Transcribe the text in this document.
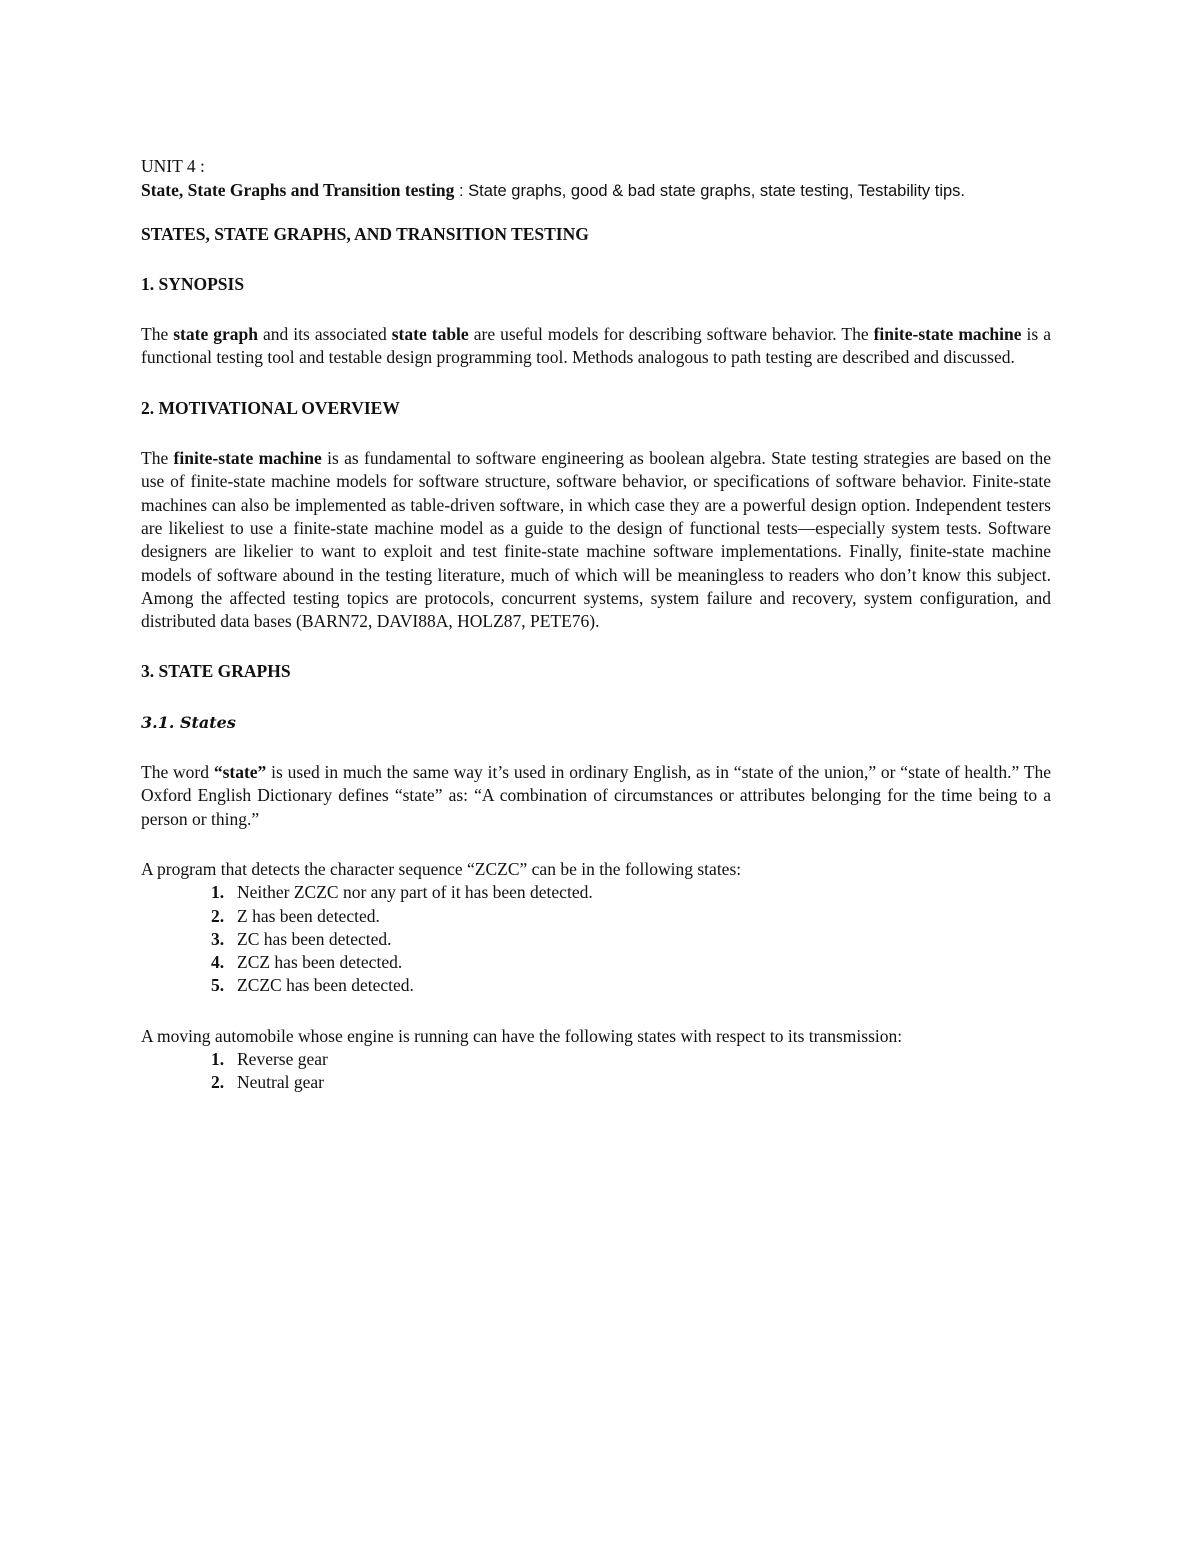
UNIT 4 :

State, State Graphs and Transition testing : State graphs, good & bad state graphs, state testing, Testability tips.

STATES, STATE GRAPHS, AND TRANSITION TESTING

1. SYNOPSIS

The state graph and its associated state table are useful models for describing software behavior. The finite-state machine is a functional testing tool and testable design programming tool. Methods analogous to path testing are described and discussed.

2. MOTIVATIONAL OVERVIEW

The finite-state machine is as fundamental to software engineering as boolean algebra. State testing strategies are based on the use of finite-state machine models for software structure, software behavior, or specifications of software behavior. Finite-state machines can also be implemented as table-driven software, in which case they are a powerful design option. Independent testers are likeliest to use a finite-state machine model as a guide to the design of functional tests—especially system tests. Software designers are likelier to want to exploit and test finite-state machine software implementations. Finally, finite-state machine models of software abound in the testing literature, much of which will be meaningless to readers who don’t know this subject. Among the affected testing topics are protocols, concurrent systems, system failure and recovery, system configuration, and distributed data bases (BARN72, DAVI88A, HOLZ87, PETE76).

3. STATE GRAPHS

3.1. States

The word “state” is used in much the same way it’s used in ordinary English, as in “state of the union,” or “state of health.” The Oxford English Dictionary defines “state” as: “A combination of circumstances or attributes belonging for the time being to a person or thing.”

A program that detects the character sequence “ZCZC” can be in the following states:

1. Neither ZCZC nor any part of it has been detected.
2. Z has been detected.
3. ZC has been detected.
4. ZCZ has been detected.
5. ZCZC has been detected.

A moving automobile whose engine is running can have the following states with respect to its transmission:

1. Reverse gear
2. Neutral gear
